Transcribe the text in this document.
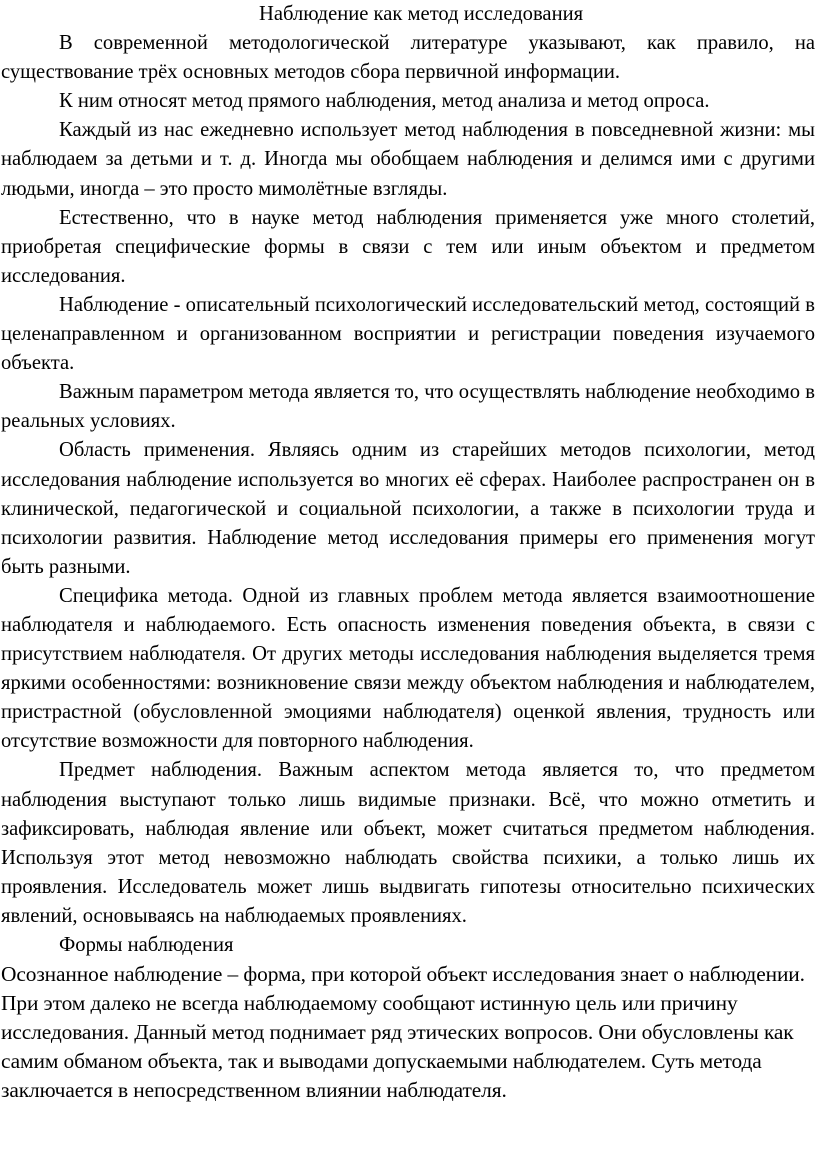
Наблюдение как метод исследования

В современной методологической литературе указывают, как правило, на существование трёх основных методов сбора первичной информации.

К ним относят метод прямого наблюдения, метод анализа и метод опроса.

Каждый из нас ежедневно использует метод наблюдения в повседневной жизни: мы наблюдаем за детьми и т. д. Иногда мы обобщаем наблюдения и делимся ими с другими людьми, иногда – это просто мимолётные взгляды.

Естественно, что в науке метод наблюдения применяется уже много столетий, приобретая специфические формы в связи с тем или иным объектом и предметом исследования.

Наблюдение - описательный психологический исследовательский метод, состоящий в целенаправленном и организованном восприятии и регистрации поведения изучаемого объекта.

Важным параметром метода является то, что осуществлять наблюдение необходимо в реальных условиях.

Область применения. Являясь одним из старейших методов психологии, метод исследования наблюдение используется во многих её сферах. Наиболее распространен он в клинической, педагогической и социальной психологии, а также в психологии труда и психологии развития. Наблюдение метод исследования примеры его применения могут быть разными.

Специфика метода. Одной из главных проблем метода является взаимоотношение наблюдателя и наблюдаемого. Есть опасность изменения поведения объекта, в связи с присутствием наблюдателя. От других методы исследования наблюдения выделяется тремя яркими особенностями: возникновение связи между объектом наблюдения и наблюдателем, пристрастной (обусловленной эмоциями наблюдателя) оценкой явления, трудность или отсутствие возможности для повторного наблюдения.

Предмет наблюдения. Важным аспектом метода является то, что предметом наблюдения выступают только лишь видимые признаки. Всё, что можно отметить и зафиксировать, наблюдая явление или объект, может считаться предметом наблюдения. Используя этот метод невозможно наблюдать свойства психики, а только лишь их проявления. Исследователь может лишь выдвигать гипотезы относительно психических явлений, основываясь на наблюдаемых проявлениях.

Формы наблюдения

Осознанное наблюдение – форма, при которой объект исследования знает о наблюдении. При этом далеко не всегда наблюдаемому сообщают истинную цель или причину исследования. Данный метод поднимает ряд этических вопросов. Они обусловлены как самим обманом объекта, так и выводами допускаемыми наблюдателем. Суть метода заключается в непосредственном влиянии наблюдателя.
